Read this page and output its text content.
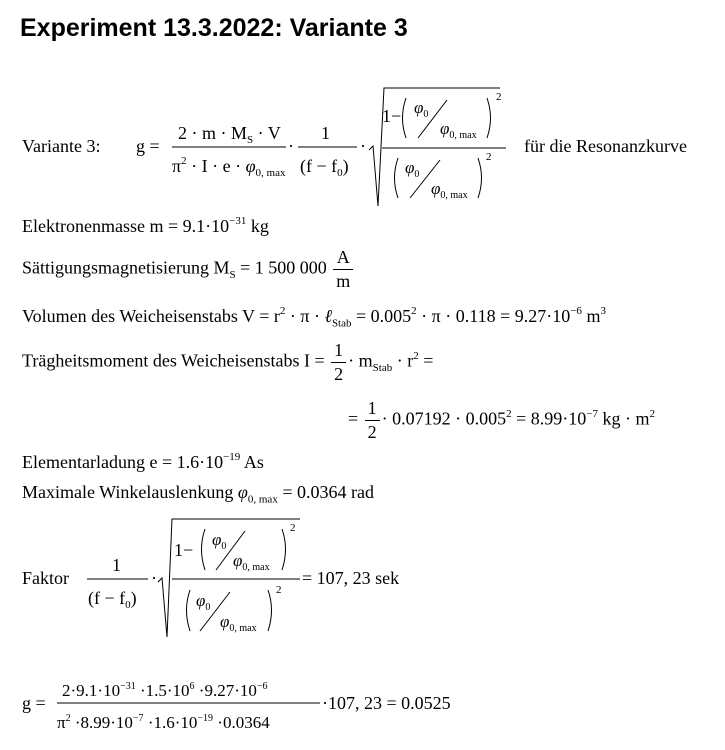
Experiment 13.3.2022: Variante 3
Variante 3: g =
$2 \cdot m \cdot M_S \cdot V$
$\pi^2 \cdot I \cdot e \cdot \varphi_{0, max}$
·
1
$(f - f_0)$
·
$1- \varphi_0$
$\varphi_{0, max}$
2
$\varphi_0$
$\varphi_{0, max}$
2
für die Resonanzkurve
Elektronenmasse $m = 9.1\cdot 10^{-31}$ kg
Sättigungsmagnetisierung $M_S = 1$ 500 $000 \frac{A}{m}$
Volumen des Weicheisenstabs $V = r^2 \cdot \pi$ · ℓ$_{Stab}$ = $0.005^2 \cdot \pi \cdot 0.118 = 9.27\cdot 10^{-6}$ $m^3$
Trägheitsmoment des Weicheisenstabs $I = \frac{1}{2} \cdot m_{Stab} \cdot r^2$ =
= $\frac{1}{2} \cdot 0.07192 \cdot 0.005^2 = 8.99\cdot 10^{-7}$ kg · $m^2$
Elementarladung $e = 1.6\cdot 10^{-19}$ As
Maximale Winkelauslenkung $\varphi_{0, max} = 0.0364$ rad
Faktor
1
$(f - f_0)$
·
1−
$\varphi_0$
$\varphi_{0, max}$
2
$\varphi_0$
$\varphi_{0, max}$
2
= 107, 23 sek
g =
$2\cdot 9.1\cdot 10^{-31} \cdot 1.5\cdot 10^6 \cdot 9.27\cdot 10^{-6}$
$\pi^2 \cdot 8.99\cdot 10^{-7} \cdot 1.6\cdot 10^{-19} \cdot 0.0364$
·107, 23 = 0.0525
